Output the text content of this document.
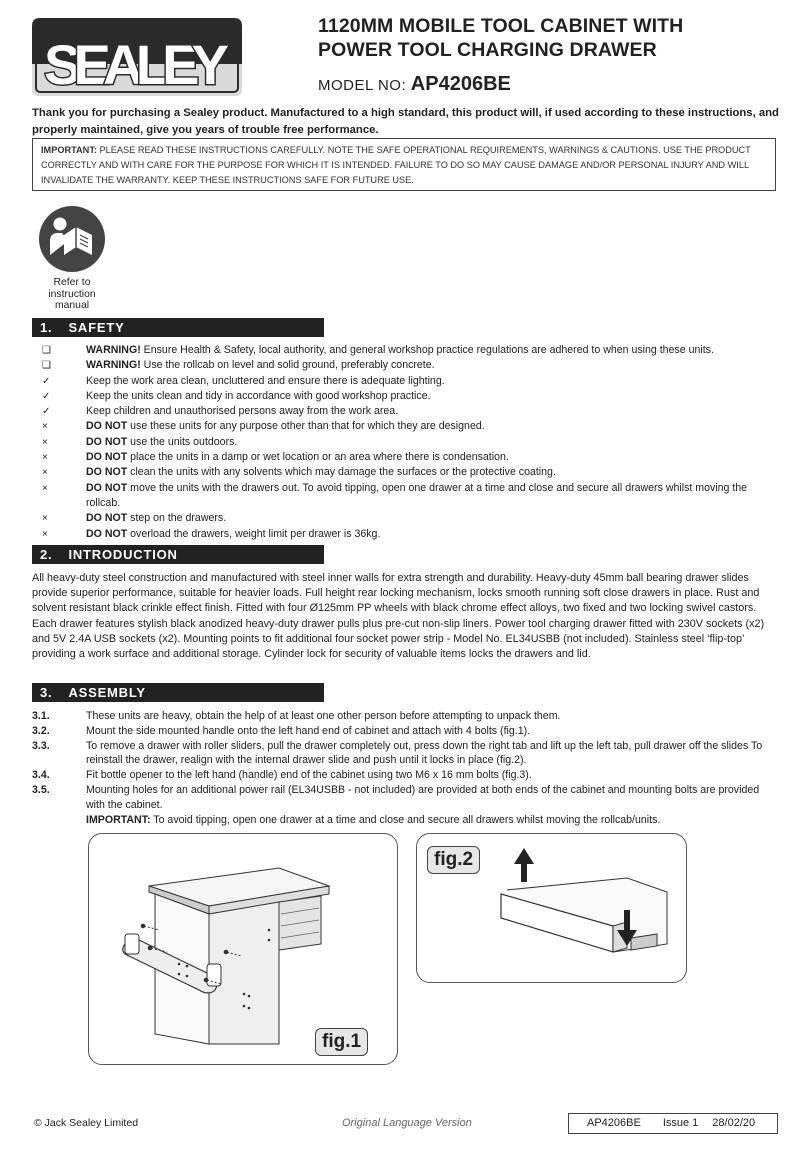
SEALEY
1120MM MOBILE TOOL CABINET WITH
POWER TOOL CHARGING DRAWER
MODEL NO: AP4206BE
Thank you for purchasing a Sealey product. Manufactured to a high standard, this product will, if used according to these instructions, and properly maintained, give you years of trouble free performance.
IMPORTANT: PLEASE READ THESE INSTRUCTIONS CAREFULLY. NOTE THE SAFE OPERATIONAL REQUIREMENTS, WARNINGS & CAUTIONS. USE THE PRODUCT CORRECTLY AND WITH CARE FOR THE PURPOSE FOR WHICH IT IS INTENDED. FAILURE TO DO SO MAY CAUSE DAMAGE AND/OR PERSONAL INJURY AND WILL INVALIDATE THE WARRANTY. KEEP THESE INSTRUCTIONS SAFE FOR FUTURE USE.
Refer to instruction manual
1. SAFETY
❑	WARNING! Ensure Health & Safety, local authority, and general workshop practice regulations are adhered to when using these units.
❑	WARNING! Use the rollcab on level and solid ground, preferably concrete.
✓	Keep the work area clean, uncluttered and ensure there is adequate lighting.
✓	Keep the units clean and tidy in accordance with good workshop practice.
✓	Keep children and unauthorised persons away from the work area.
×	DO NOT use these units for any purpose other than that for which they are designed.
×	DO NOT use the units outdoors.
×	DO NOT place the units in a damp or wet location or an area where there is condensation.
×	DO NOT clean the units with any solvents which may damage the surfaces or the protective coating.
×	DO NOT move the units with the drawers out. To avoid tipping, open one drawer at a time and close and secure all drawers whilst moving the rollcab.
×	DO NOT step on the drawers.
×	DO NOT overload the drawers, weight limit per drawer is 36kg.
2. INTRODUCTION
All heavy-duty steel construction and manufactured with steel inner walls for extra strength and durability. Heavy-duty 45mm ball bearing drawer slides provide superior performance, suitable for heavier loads. Full height rear locking mechanism, locks smooth running soft close drawers in place. Rust and solvent resistant black crinkle effect finish. Fitted with four Ø125mm PP wheels with black chrome effect alloys, two fixed and two locking swivel castors. Each drawer features stylish black anodized heavy-duty drawer pulls plus pre-cut non-slip liners. Power tool charging drawer fitted with 230V sockets (x2) and 5V 2.4A USB sockets (x2). Mounting points to fit additional four socket power strip - Model No. EL34USBB (not included). Stainless steel ‘flip-top’ providing a work surface and additional storage. Cylinder lock for security of valuable items locks the drawers and lid.
3. ASSEMBLY
3.1.	These units are heavy, obtain the help of at least one other person before attempting to unpack them.
3.2.	Mount the side mounted handle onto the left hand end of cabinet and attach with 4 bolts (fig.1).
3.3.	To remove a drawer with roller sliders, pull the drawer completely out, press down the right tab and lift up the left tab, pull drawer off the slides To reinstall the drawer, realign with the internal drawer slide and push until it locks in place (fig.2).
3.4.	Fit bottle opener to the left hand (handle) end of the cabinet using two M6 x 16 mm bolts (fig.3).
3.5.	Mounting holes for an additional power rail (EL34USBB - not included) are provided at both ends of the cabinet and mounting bolts are provided with the cabinet.
IMPORTANT: To avoid tipping, open one drawer at a time and close and secure all drawers whilst moving the rollcab/units.
fig.1
fig.2
© Jack Sealey Limited	Original Language Version	AP4206BE Issue 1 28/02/20
